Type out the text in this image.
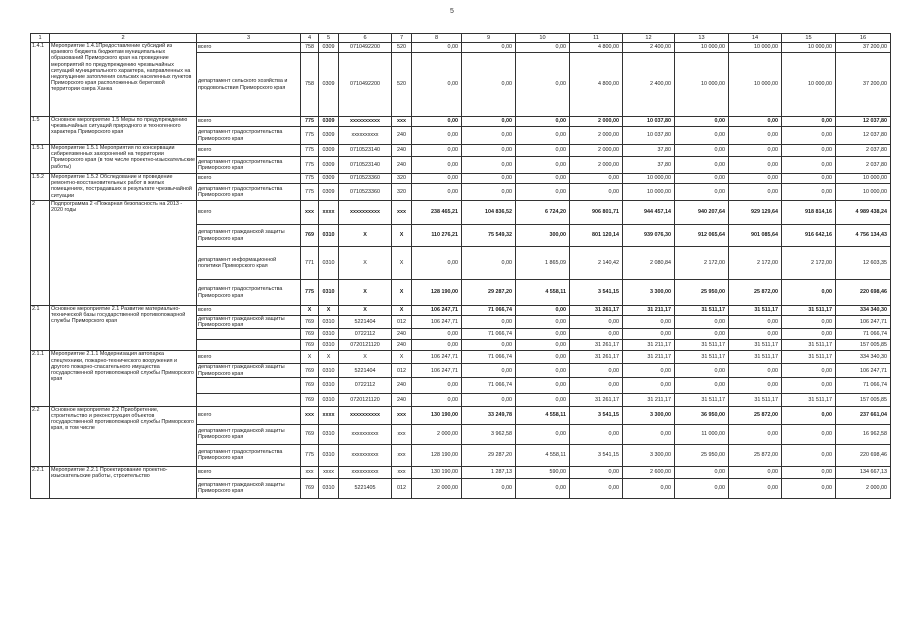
5
1	2	3	4	5	6	7	8	9	10	11	12	13	14	15	16
1.4.1	Мероприятие 1.4.1Предоставление субсидий из краевого бюджета бюджетам муниципальных образований Приморского края на проведение мероприятий по предупреждению чрезвычайных ситуаций муниципального характера, направленных на недопущение затопления сельских населенных пунктов Приморского края расположенных береговой территории озера Ханка	всего	758	0309	0710492200	520	0,00	0,00	0,00	4 800,00	2 400,00	10 000,00	10 000,00	10 000,00	37 200,00
		департамент сельского хозяйства и продовольствия Приморского края	758	0309	0710492200	520	0,00	0,00	0,00	4 800,00	2 400,00	10 000,00	10 000,00	10 000,00	37 200,00
1.5	Основное мероприятие 1.5 Меры по предупреждению чрезвычайных ситуаций природного и техногенного характера Приморского края	всего	775	0309	xxxxxxxxxx	xxx	0,00	0,00	0,00	2 000,00	10 037,80	0,00	0,00	0,00	12 037,80
		департамент градостроительства Приморского края	775	0309	xxxxxxxxxx	240	0,00	0,00	0,00	2 000,00	10 037,80	0,00	0,00	0,00	12 037,80
1.5.1	Мероприятие 1.5.1 Мероприятия по консервации сибиреязвенных захоронений на территории Приморского края (в том числе проектно-изыскательские работы)	всего	775	0309	0710523140	240	0,00	0,00	0,00	2 000,00	37,80	0,00	0,00	0,00	2 037,80
		департамент градостроительства Приморского края	775	0309	0710523140	240	0,00	0,00	0,00	2 000,00	37,80	0,00	0,00	0,00	2 037,80
1.5.2	Мероприятие 1.5.2 Обследование и проведение ремонтно-восстановительных работ в жилых помещениях, пострадавших в результате чрезвычайной ситуации	всего	775	0309	0710523360	320	0,00	0,00	0,00	0,00	10 000,00	0,00	0,00	0,00	10 000,00
		департамент градостроительства Приморского края	775	0309	0710523360	320	0,00	0,00	0,00	0,00	10 000,00	0,00	0,00	0,00	10 000,00
2	Подпрограмма 2 «Пожарная безопасность на 2013 - 2020 годы	всего	xxx	xxxx	xxxxxxxxxx	xxx	238 465,21	104 836,52	6 724,20	906 801,71	944 457,14	940 207,64	929 129,64	918 814,16	4 989 438,24
		департамент гражданской защиты Приморского края	769	0310	X	X	110 276,21	75 549,32	300,00	801 120,14	939 076,30	912 065,64	901 085,64	916 642,16	4 756 134,43
		департамент информационной политики Приморского края	771	0310	X	X	0,00	0,00	1 865,09	2 140,42	2 080,84	2 172,00	2 172,00	2 172,00	12 603,35
		департамент градостроительства Приморского края	775	0310	X	X	128 190,00	29 287,20	4 558,11	3 541,15	3 300,00	25 950,00	25 872,00	0,00	220 698,46
2.1	Основное мероприятие 2.1 Развитие материально-технической базы государственной противопожарной службы Приморского края	всего	X	X	X	X	106 247,71	71 066,74	0,00	31 261,17	31 211,17	31 511,17	31 511,17	31 511,17	334 340,30
		департамент гражданской защиты Приморского края	769	0310	5221404	012	106 247,71	0,00	0,00	0,00	0,00	0,00	0,00	0,00	106 247,71
			769	0310	0722112	240	0,00	71 066,74	0,00	0,00	0,00	0,00	0,00	0,00	71 066,74
			769	0310	0720121120	240	0,00	0,00	0,00	31 261,17	31 211,17	31 511,17	31 511,17	31 511,17	157 005,85
2.1.1	Мероприятие 2.1.1 Модернизация автопарка спецтехники, пожарно-технического вооружения и другого пожарно-спасательного имущества государственной противопожарной службы Приморского края	всего	X	X	X	X	106 247,71	71 066,74	0,00	31 261,17	31 211,17	31 511,17	31 511,17	31 511,17	334 340,30
		департамент гражданской защиты Приморского края	769	0310	5221404	012	106 247,71	0,00	0,00	0,00	0,00	0,00	0,00	0,00	106 247,71
			769	0310	0722112	240	0,00	71 066,74	0,00	0,00	0,00	0,00	0,00	0,00	71 066,74
			769	0310	0720121120	240	0,00	0,00	0,00	31 261,17	31 211,17	31 511,17	31 511,17	31 511,17	157 005,85
2.2	Основное мероприятие 2.2 Приобретение, строительство и реконструкция объектов государственной противопожарной службы Приморского края, в том числе	всего	xxx	xxxx	xxxxxxxxxx	xxx	130 190,00	33 249,78	4 558,11	3 541,15	3 300,00	36 950,00	25 872,00	0,00	237 661,04
		департамент гражданской защиты Приморского края	769	0310	xxxxxxxxxx	xxx	2 000,00	3 962,58	0,00	0,00	0,00	11 000,00	0,00	0,00	16 962,58
		департамент градостроительства Приморского края	775	0310	xxxxxxxxxx	xxx	128 190,00	29 287,20	4 558,11	3 541,15	3 300,00	25 950,00	25 872,00	0,00	220 698,46
2.2.1	Мероприятие 2.2.1 Проектирование проектно-изыскательские работы, строительство	всего	xxx	xxxx	xxxxxxxxxx	xxx	130 190,00	1 287,13	590,00	0,00	2 600,00	0,00	0,00	0,00	134 667,13
		департамент гражданской защиты Приморского края	769	0310	5221405	012	2 000,00	0,00	0,00	0,00	0,00	0,00	0,00	0,00	2 000,00
